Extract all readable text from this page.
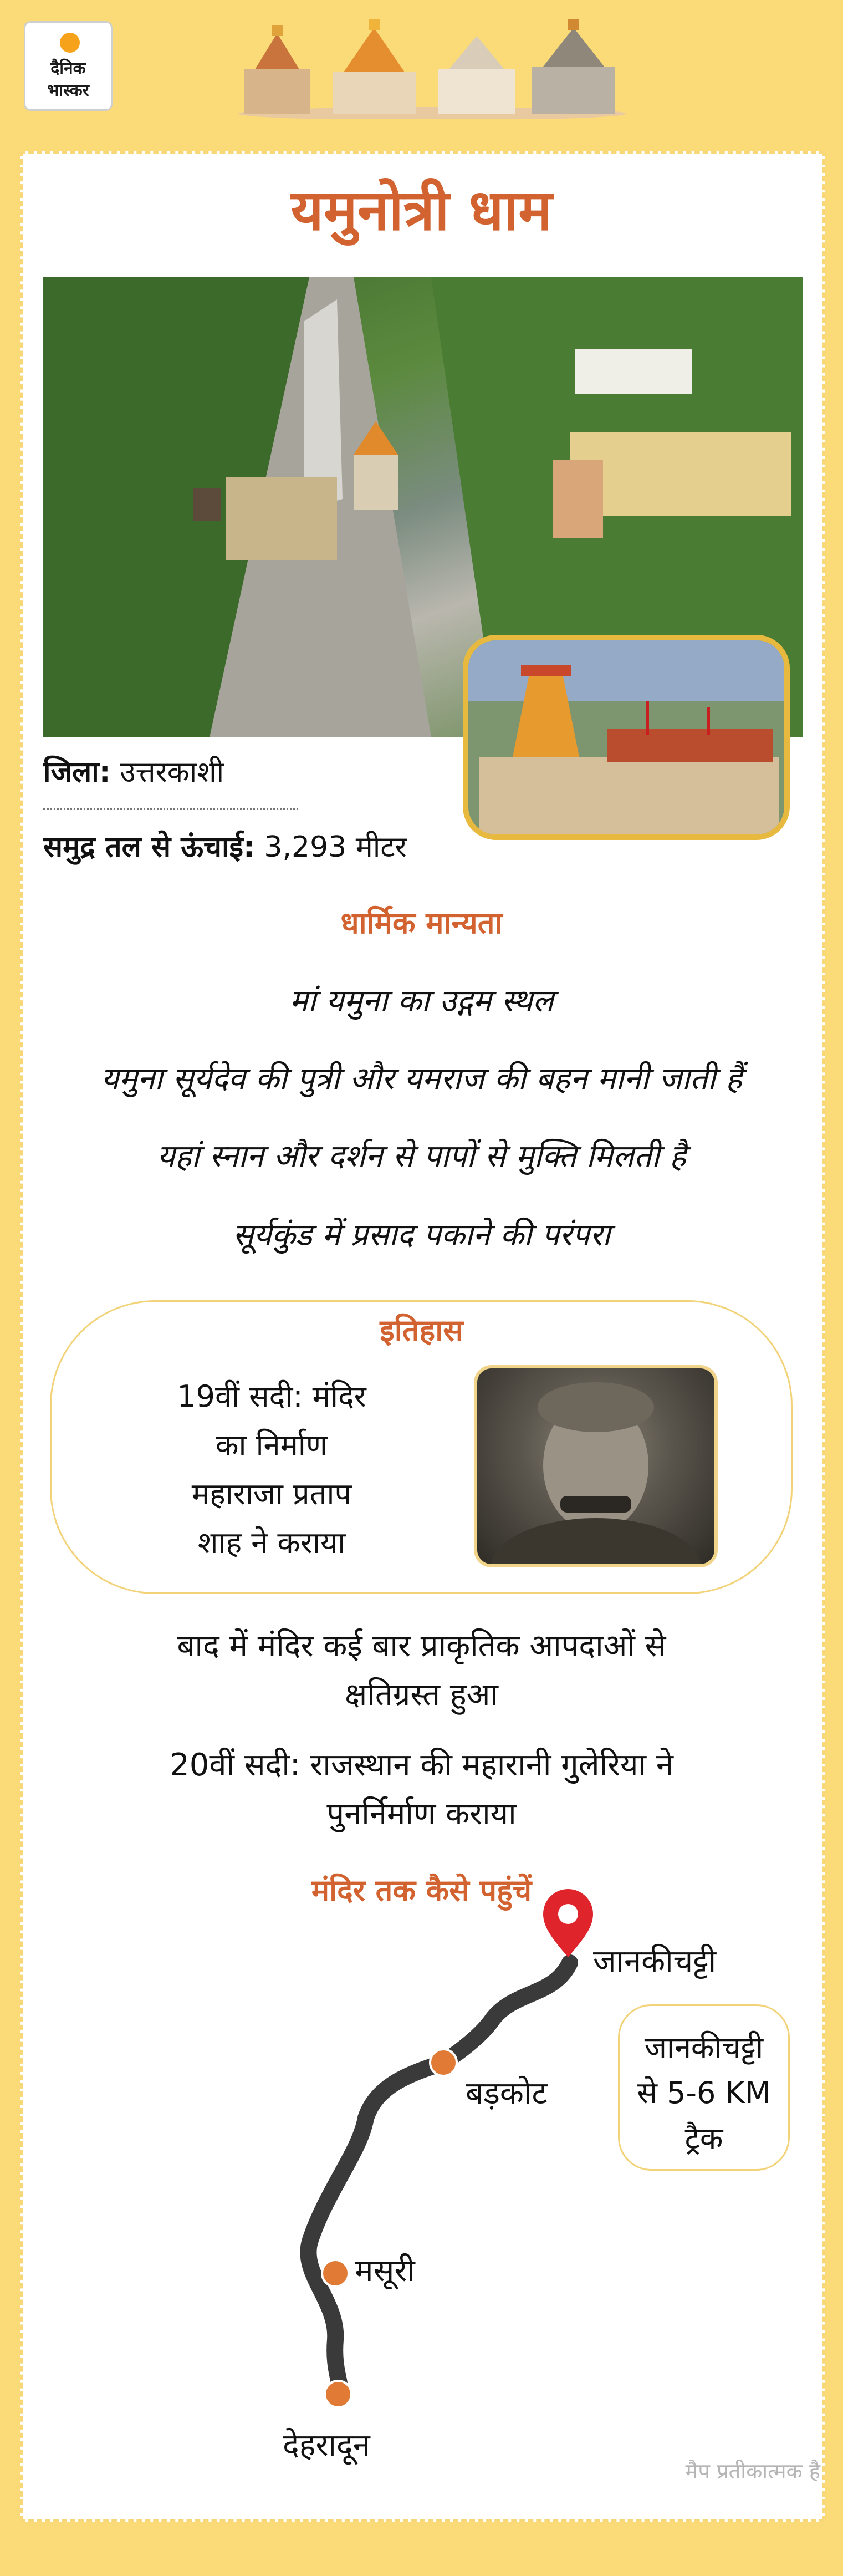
दैनिक
भास्कर
यमुनोत्री धाम
जिला: उत्तरकाशी
समुद्र तल से ऊंचाई: 3,293 मीटर
धार्मिक मान्यता
मां यमुना का उद्गम स्थल
यमुना सूर्यदेव की पुत्री और यमराज की बहन मानी जाती हैं
यहां स्नान और दर्शन से पापों से मुक्ति मिलती है
सूर्यकुंड में प्रसाद पकाने की परंपरा
इतिहास
19वीं सदी: मंदिर
का निर्माण
महाराजा प्रताप
शाह ने कराया
बाद में मंदिर कई बार प्राकृतिक आपदाओं से
क्षतिग्रस्त हुआ
20वीं सदी: राजस्थान की महारानी गुलेरिया ने
पुनर्निर्माण कराया
मंदिर तक कैसे पहुंचें
जानकीचट्टी
बड़कोट
मसूरी
देहरादून
जानकीचट्टी
से 5-6 KM
ट्रैक
मैप प्रतीकात्मक है
